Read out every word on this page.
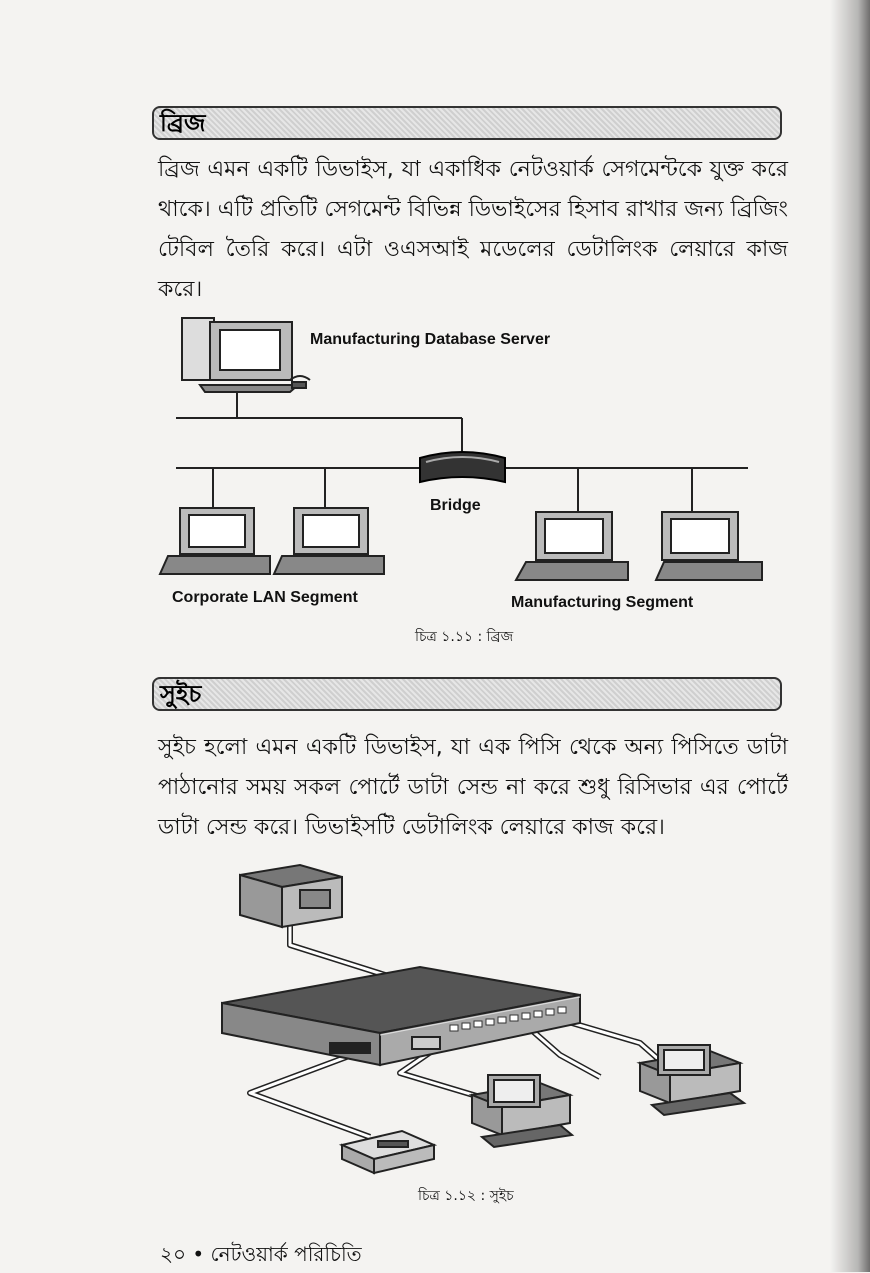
ব্রিজ
ব্রিজ এমন একটি ডিভাইস, যা একাধিক নেটওয়ার্ক সেগমেন্টকে যুক্ত করে থাকে। এটি প্রতিটি সেগমেন্ট বিভিন্ন ডিভাইসের হিসাব রাখার জন্য ব্রিজিং টেবিল তৈরি করে। এটা ওএসআই মডেলের ডেটালিংক লেয়ারে কাজ করে।
Manufacturing Database Server
Bridge
Corporate LAN Segment	Manufacturing Segment
চিত্র ১.১১ : ব্রিজ
সুইচ
সুইচ হলো এমন একটি ডিভাইস, যা এক পিসি থেকে অন্য পিসিতে ডাটা পাঠানোর সময় সকল পোর্টে ডাটা সেন্ড না করে শুধু রিসিভার এর পোর্টে ডাটা সেন্ড করে। ডিভাইসটি ডেটালিংক লেয়ারে কাজ করে।
চিত্র ১.১২ : সুইচ
২০ • নেটওয়ার্ক পরিচিতি
